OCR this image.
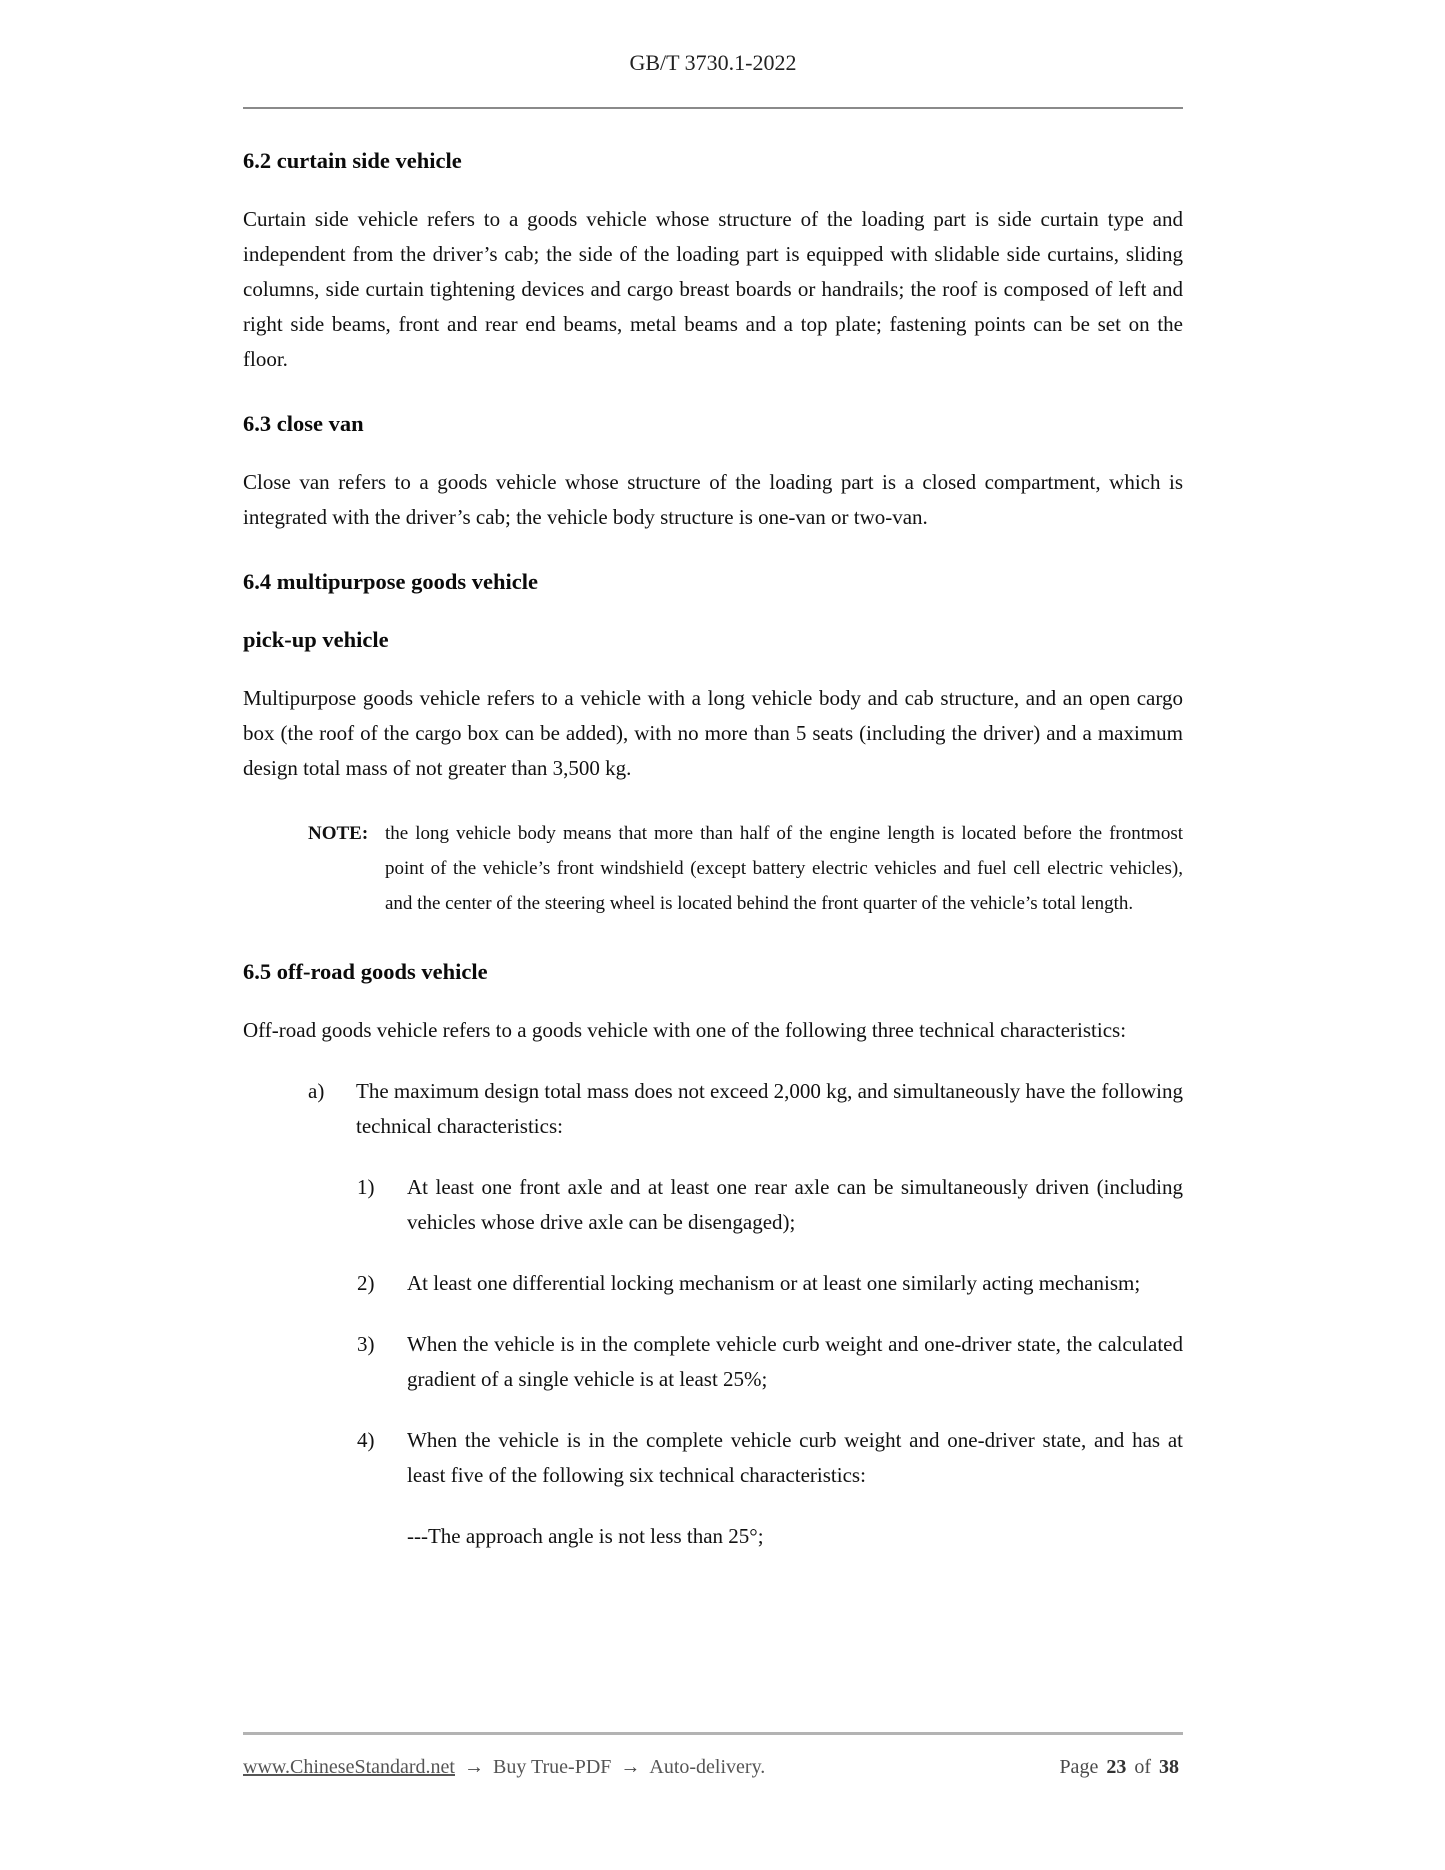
GB/T 3730.1-2022
6.2 curtain side vehicle

Curtain side vehicle refers to a goods vehicle whose structure of the loading part is side curtain type and independent from the driver’s cab; the side of the loading part is equipped with slidable side curtains, sliding columns, side curtain tightening devices and cargo breast boards or handrails; the roof is composed of left and right side beams, front and rear end beams, metal beams and a top plate; fastening points can be set on the floor.

6.3 close van

Close van refers to a goods vehicle whose structure of the loading part is a closed compartment, which is integrated with the driver’s cab; the vehicle body structure is one-van or two-van.

6.4 multipurpose goods vehicle
pick-up vehicle

Multipurpose goods vehicle refers to a vehicle with a long vehicle body and cab structure, and an open cargo box (the roof of the cargo box can be added), with no more than 5 seats (including the driver) and a maximum design total mass of not greater than 3,500 kg.

NOTE: the long vehicle body means that more than half of the engine length is located before the frontmost point of the vehicle’s front windshield (except battery electric vehicles and fuel cell electric vehicles), and the center of the steering wheel is located behind the front quarter of the vehicle’s total length.
6.5 off-road goods vehicle

Off-road goods vehicle refers to a goods vehicle with one of the following three technical characteristics:

a) The maximum design total mass does not exceed 2,000 kg, and simultaneously have the following technical characteristics:
1) At least one front axle and at least one rear axle can be simultaneously driven (including vehicles whose drive axle can be disengaged);
2) At least one differential locking mechanism or at least one similarly acting mechanism;
3) When the vehicle is in the complete vehicle curb weight and one-driver state, the calculated gradient of a single vehicle is at least 25%;
4) When the vehicle is in the complete vehicle curb weight and one-driver state, and has at least five of the following six technical characteristics:
---The approach angle is not less than 25°;
www.ChineseStandard.net → Buy True-PDF → Auto-delivery.	Page 23 of 38
